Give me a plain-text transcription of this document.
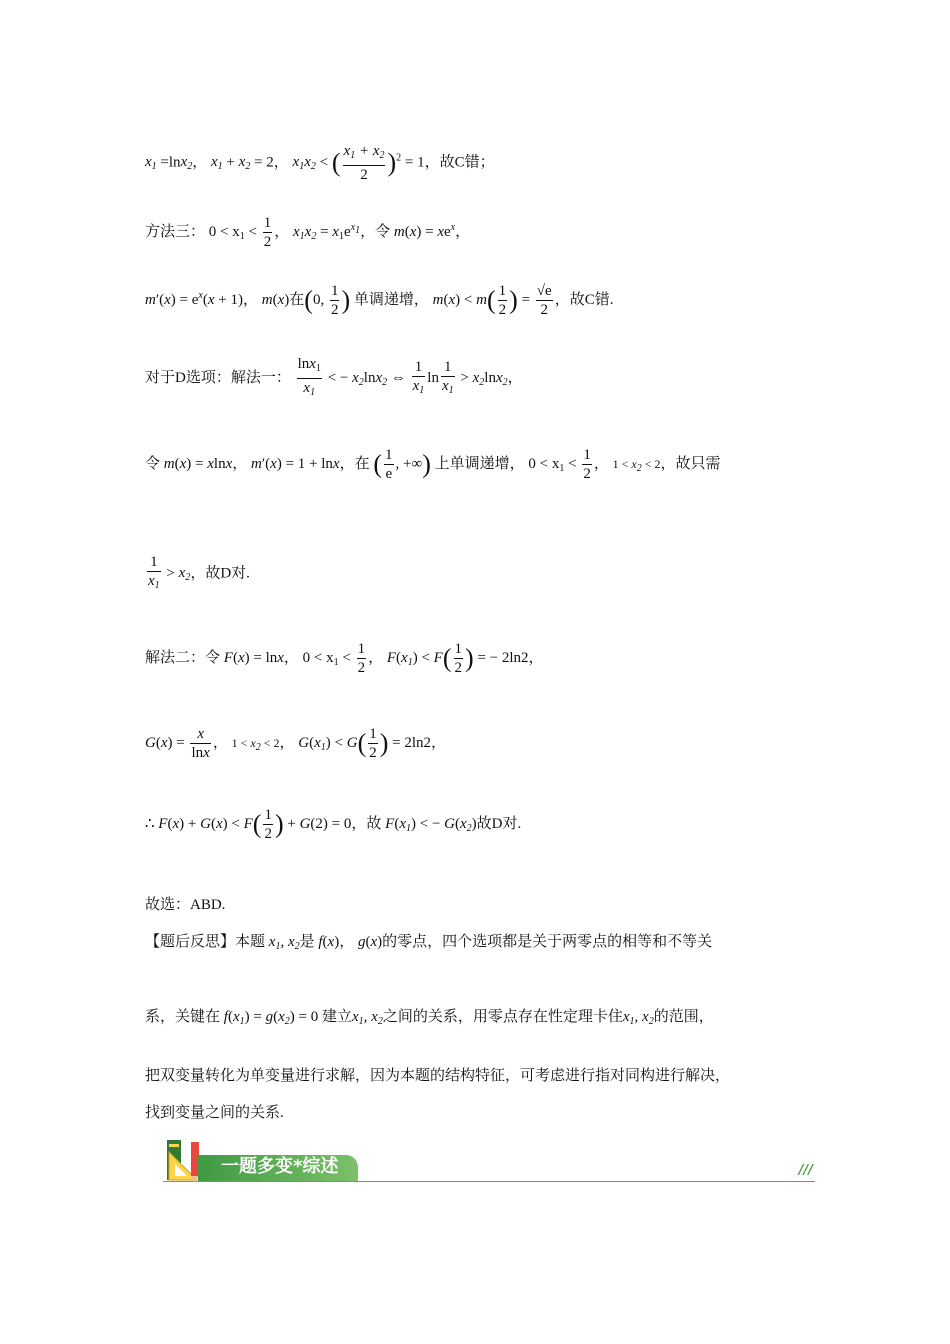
$x_1 =\ln x_2$， $x_1 + x_2 = 2$， $x_1x_2$ < ( $\frac{x_1 + x_2}{2} )^2 = 1$，故C错；
方法三： $0 < x_1 < \frac{1}{2}$ ， $x_1x_2 = x_1e^{x_1}$，令 $m(x) = xe^x$，
$m'(x) = e^x(x + 1)$， m(x)在(0, $\frac{1}{2}$ ) 单调递增， $m(x) < m( \frac{1}{2}$ ) = $\frac{√e}{2}$ ，故C错.
对于D选项：解法一： $\frac{\ln x_1}{x_1}$ < − $x_2\ln x_2$ ⇔ $\frac{1}{x_1}$ $\ln \frac{1}{x_1} > x_2\ln x_2$，
令 m(x) = xlnx， m′(x) = 1 + lnx，在 ( $\frac{1}{e}$ , +∞) 上单调递增， $0 < x_1 < \frac{1}{2}$ ， $1 < x_2 < 2$，故只需
$\frac{1}{x_1} > x_2$，故D对.
解法二：令 F(x) = lnx， $0 < x_1 < \frac{1}{2}$ ， $F(x_1) < F( \frac{1}{2}$ ) = − 2ln2，
$G(x) = \frac{x}{\ln x}$ ， $1 < x_2 < 2$， $G(x_1) < G( \frac{1}{2}$ ) = 2ln2，
∴ $F(x) + G(x) < F( \frac{1}{2}$ ) + G(2) = 0，故 $F(x_1)$ < − $G(x_2)$故D对.
故选：ABD.
【题后反思】本题 $x_1$, $x_2$是 f(x)， g(x)的零点，四个选项都是关于两零点的相等和不等关
系，关键在 $f(x_1) = g(x_2) = 0$ 建立$x_1$, $x_2$之间的关系，用零点存在性定理卡住$x_1$, $x_2$的范围，
把双变量转化为单变量进行求解，因为本题的结构特征，可考虑进行指对同构进行解决，
找到变量之间的关系.
一题多变*综述	///
